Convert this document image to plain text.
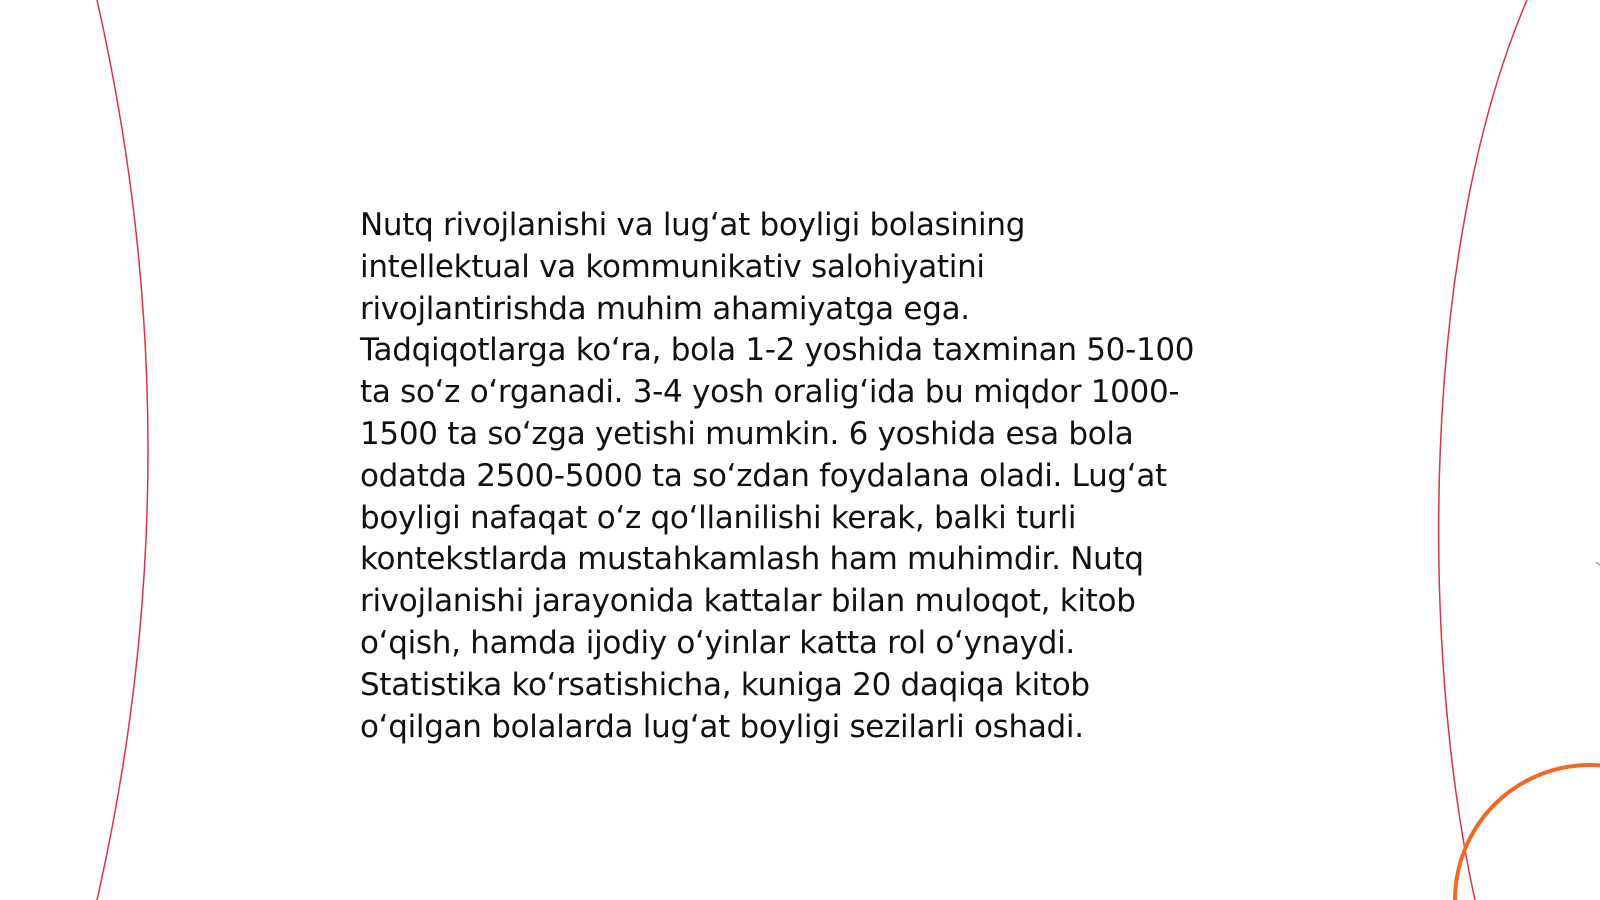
Nutq rivojlanishi va lug‘at boyligi bolasining
intellektual va kommunikativ salohiyatini
rivojlantirishda muhim ahamiyatga ega.
Tadqiqotlarga ko‘ra, bola 1-2 yoshida taxminan 50-100
ta so‘z o‘rganadi. 3-4 yosh oralig‘ida bu miqdor 1000-
1500 ta so‘zga yetishi mumkin. 6 yoshida esa bola
odatda 2500-5000 ta so‘zdan foydalana oladi. Lug‘at
boyligi nafaqat o‘z qo‘llanilishi kerak, balki turli
kontekstlarda mustahkamlash ham muhimdir. Nutq
rivojlanishi jarayonida kattalar bilan muloqot, kitob
o‘qish, hamda ijodiy o‘yinlar katta rol o‘ynaydi.
Statistika ko‘rsatishicha, kuniga 20 daqiqa kitob
o‘qilgan bolalarda lug‘at boyligi sezilarli oshadi.
